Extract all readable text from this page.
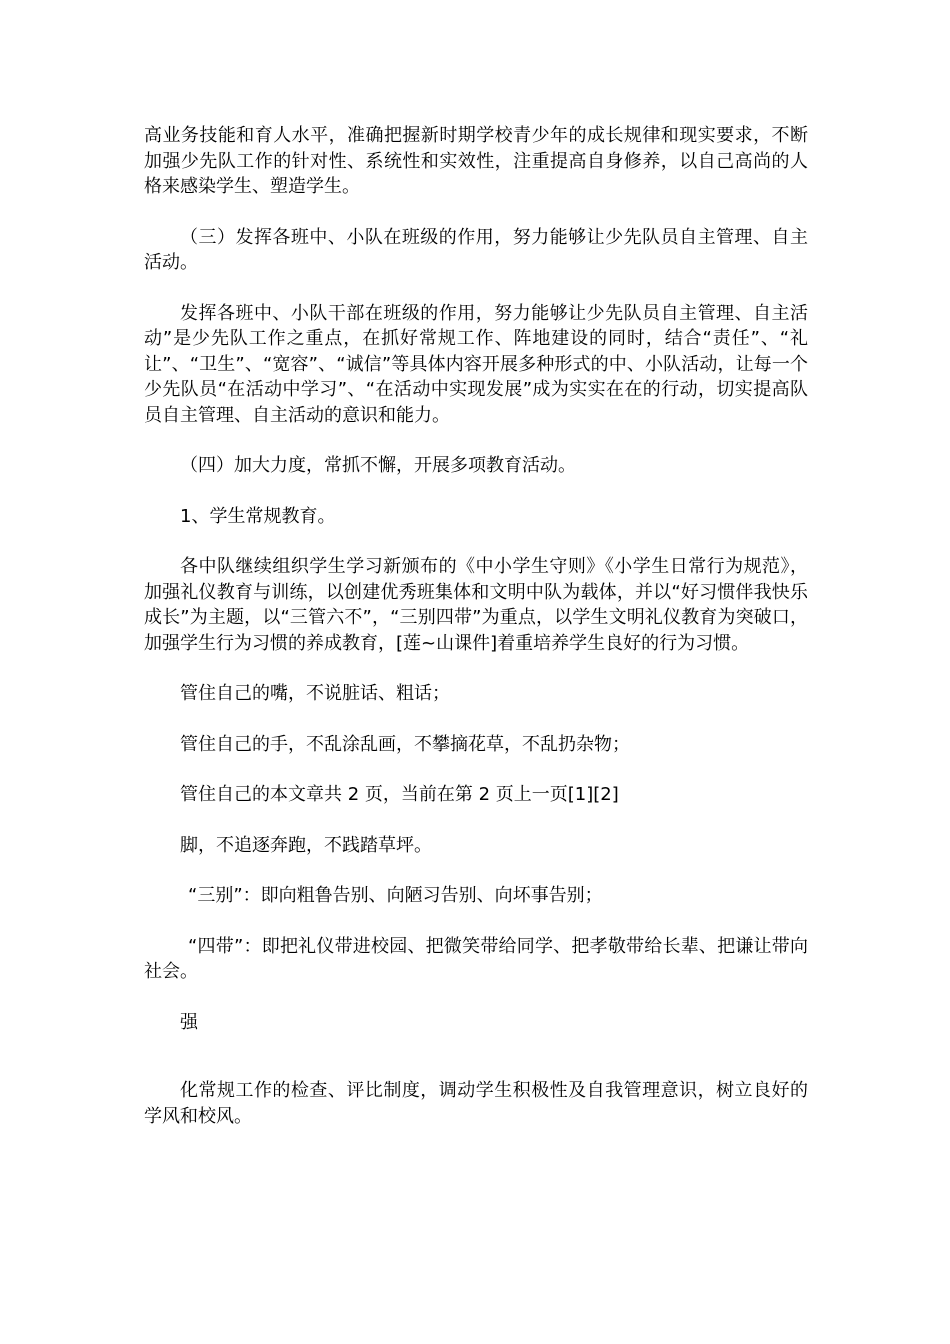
高业务技能和育人水平，准确把握新时期学校青少年的成长规律和现实要求，不断加强少先队工作的针对性、系统性和实效性，注重提高自身修养，以自己高尚的人格来感染学生、塑造学生。

（三）发挥各班中、小队在班级的作用，努力能够让少先队员自主管理、自主活动。

发挥各班中、小队干部在班级的作用，努力能够让少先队员自主管理、自主活动”是少先队工作之重点，在抓好常规工作、阵地建设的同时，结合“责任”、“礼让”、“卫生”、“宽容”、“诚信”等具体内容开展多种形式的中、小队活动，让每一个少先队员“在活动中学习”、“在活动中实现发展”成为实实在在的行动，切实提高队员自主管理、自主活动的意识和能力。

（四）加大力度，常抓不懈，开展多项教育活动。

1、学生常规教育。

各中队继续组织学生学习新颁布的《中小学生守则》《小学生日常行为规范》，加强礼仪教育与训练，以创建优秀班集体和文明中队为载体，并以“好习惯伴我快乐成长”为主题，以“三管六不”，“三别四带”为重点，以学生文明礼仪教育为突破口，加强学生行为习惯的养成教育，[莲~山课件]着重培养学生良好的行为习惯。

管住自己的嘴，不说脏话、粗话；

管住自己的手，不乱涂乱画，不攀摘花草，不乱扔杂物；

管住自己的本文章共 2 页，当前在第 2 页上一页[1][2]

脚，不追逐奔跑，不践踏草坪。

“三别”：即向粗鲁告别、向陋习告别、向坏事告别；

“四带”：即把礼仪带进校园、把微笑带给同学、把孝敬带给长辈、把谦让带向社会。

强

化常规工作的检查、评比制度，调动学生积极性及自我管理意识，树立良好的学风和校风。
